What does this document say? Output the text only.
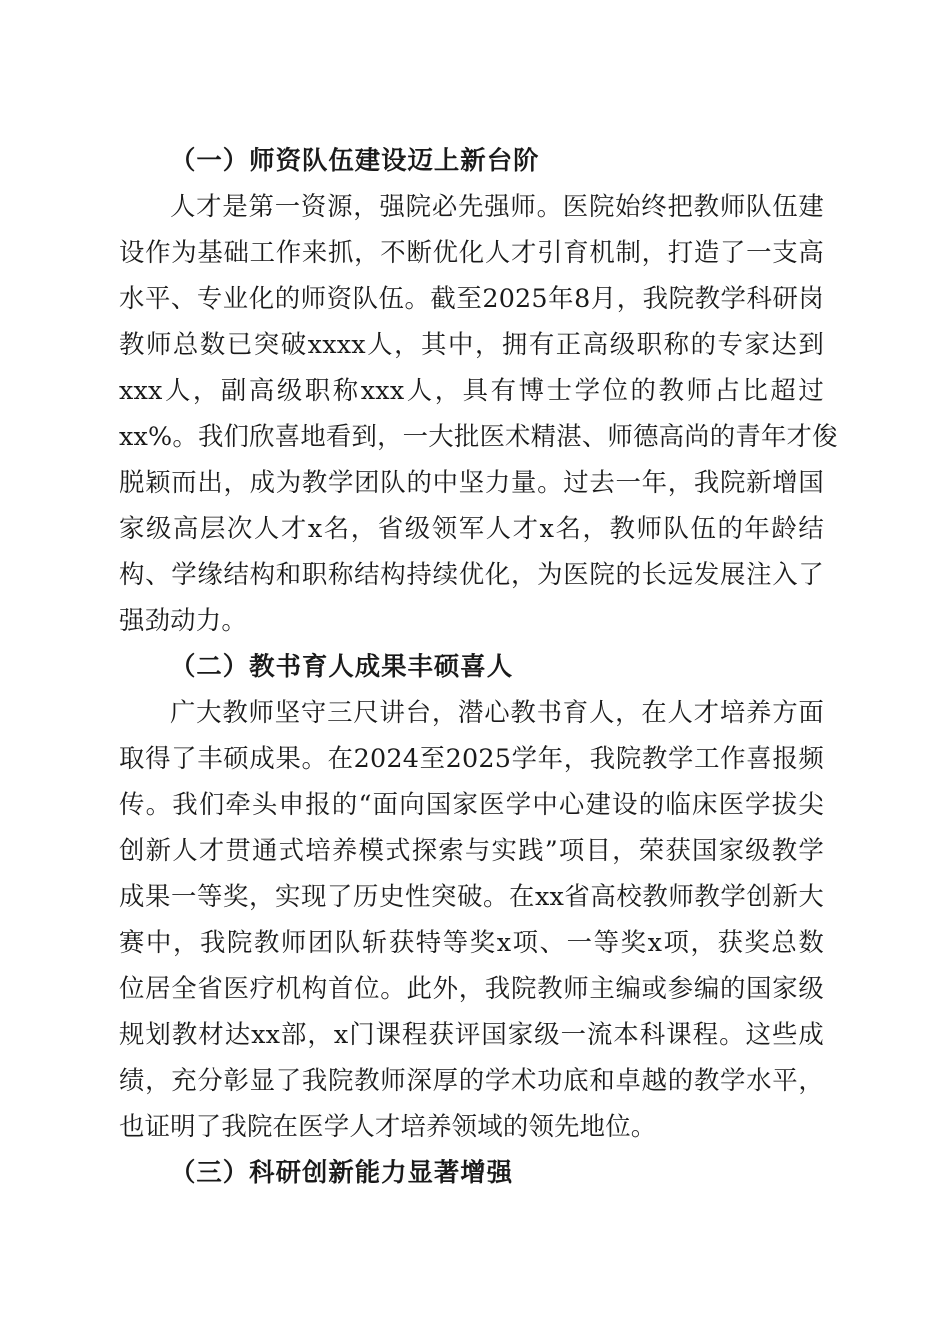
（一）师资队伍建设迈上新台阶
人才是第一资源，强院必先强师。医院始终把教师队伍建
设作为基础工作来抓，不断优化人才引育机制，打造了一支高
水平、专业化的师资队伍。截至2025年8月，我院教学科研岗
教师总数已突破xxxx人，其中，拥有正高级职称的专家达到
xxx人，副高级职称xxx人，具有博士学位的教师占比超过
xx%。我们欣喜地看到，一大批医术精湛、师德高尚的青年才俊
脱颖而出，成为教学团队的中坚力量。过去一年，我院新增国
家级高层次人才x名，省级领军人才x名，教师队伍的年龄结
构、学缘结构和职称结构持续优化，为医院的长远发展注入了
强劲动力。
（二）教书育人成果丰硕喜人
广大教师坚守三尺讲台，潜心教书育人，在人才培养方面
取得了丰硕成果。在2024至2025学年，我院教学工作喜报频
传。我们牵头申报的“面向国家医学中心建设的临床医学拔尖
创新人才贯通式培养模式探索与实践”项目，荣获国家级教学
成果一等奖，实现了历史性突破。在xx省高校教师教学创新大
赛中，我院教师团队斩获特等奖x项、一等奖x项，获奖总数
位居全省医疗机构首位。此外，我院教师主编或参编的国家级
规划教材达xx部，x门课程获评国家级一流本科课程。这些成
绩，充分彰显了我院教师深厚的学术功底和卓越的教学水平，
也证明了我院在医学人才培养领域的领先地位。
（三）科研创新能力显著增强
